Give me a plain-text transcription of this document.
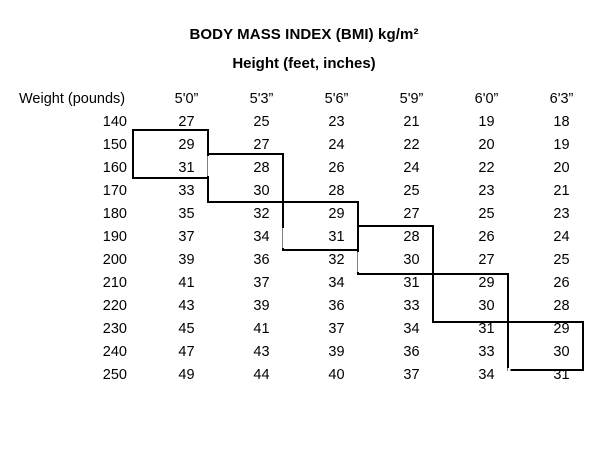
BODY MASS INDEX (BMI) kg/m²
Height (feet, inches)
Weight (pounds)	5'0”	5'3”	5'6”	5'9”	6'0”	6'3”
140	27	25	23	21	19	18
150	29	27	24	22	20	19
160	31	28	26	24	22	20
170	33	30	28	25	23	21
180	35	32	29	27	25	23
190	37	34	31	28	26	24
200	39	36	32	30	27	25
210	41	37	34	31	29	26
220	43	39	36	33	30	28
230	45	41	37	34	31	29
240	47	43	39	36	33	30
250	49	44	40	37	34	31
